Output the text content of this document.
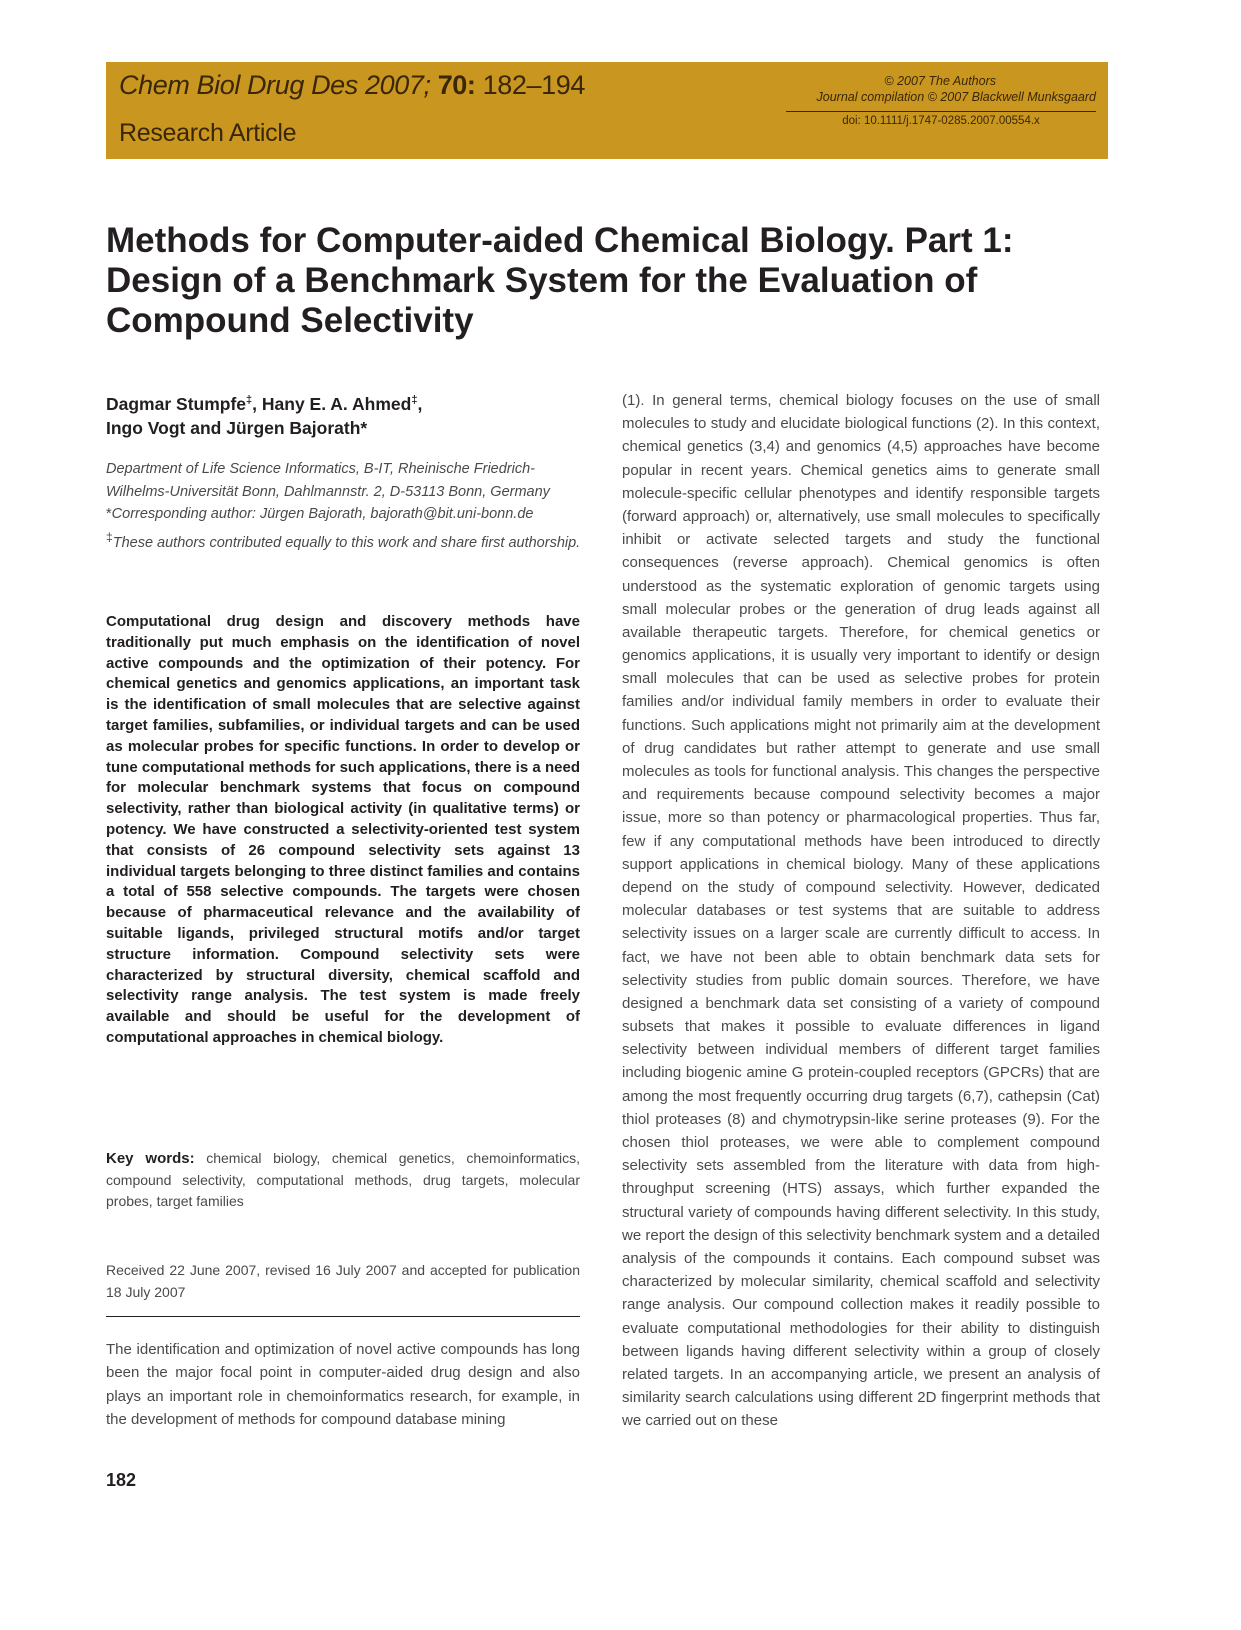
Chem Biol Drug Des 2007; 70: 182–194
Research Article
© 2007 The Authors
Journal compilation © 2007 Blackwell Munksgaard
doi: 10.1111/j.1747-0285.2007.00554.x
Methods for Computer-aided Chemical Biology. Part 1: Design of a Benchmark System for the Evaluation of Compound Selectivity
Dagmar Stumpfe‡, Hany E. A. Ahmed‡,
Ingo Vogt and Jürgen Bajorath*

Department of Life Science Informatics, B-IT, Rheinische Friedrich-Wilhelms-Universität Bonn, Dahlmannstr. 2, D-53113 Bonn, Germany

*Corresponding author: Jürgen Bajorath, bajorath@bit.uni-bonn.de

‡These authors contributed equally to this work and share first authorship.

Computational drug design and discovery methods have traditionally put much emphasis on the identification of novel active compounds and the optimization of their potency. For chemical genetics and genomics applications, an important task is the identification of small molecules that are selective against target families, subfamilies, or individual targets and can be used as molecular probes for specific functions. In order to develop or tune computational methods for such applications, there is a need for molecular benchmark systems that focus on compound selectivity, rather than biological activity (in qualitative terms) or potency. We have constructed a selectivity-oriented test system that consists of 26 compound selectivity sets against 13 individual targets belonging to three distinct families and contains a total of 558 selective compounds. The targets were chosen because of pharmaceutical relevance and the availability of suitable ligands, privileged structural motifs and/or target structure information. Compound selectivity sets were characterized by structural diversity, chemical scaffold and selectivity range analysis. The test system is made freely available and should be useful for the development of computational approaches in chemical biology.

Key words: chemical biology, chemical genetics, chemoinformatics, compound selectivity, computational methods, drug targets, molecular probes, target families
Received 22 June 2007, revised 16 July 2007 and accepted for publication 18 July 2007

The identification and optimization of novel active compounds has long been the major focal point in computer-aided drug design and also plays an important role in chemoinformatics research, for example, in the development of methods for compound database mining

(1). In general terms, chemical biology focuses on the use of small molecules to study and elucidate biological functions (2). In this context, chemical genetics (3,4) and genomics (4,5) approaches have become popular in recent years. Chemical genetics aims to generate small molecule-specific cellular phenotypes and identify responsible targets (forward approach) or, alternatively, use small molecules to specifically inhibit or activate selected targets and study the functional consequences (reverse approach). Chemical genomics is often understood as the systematic exploration of genomic targets using small molecular probes or the generation of drug leads against all available therapeutic targets. Therefore, for chemical genetics or genomics applications, it is usually very important to identify or design small molecules that can be used as selective probes for protein families and/or individual family members in order to evaluate their functions. Such applications might not primarily aim at the development of drug candidates but rather attempt to generate and use small molecules as tools for functional analysis. This changes the perspective and requirements because compound selectivity becomes a major issue, more so than potency or pharmacological properties. Thus far, few if any computational methods have been introduced to directly support applications in chemical biology. Many of these applications depend on the study of compound selectivity. However, dedicated molecular databases or test systems that are suitable to address selectivity issues on a larger scale are currently difficult to access. In fact, we have not been able to obtain benchmark data sets for selectivity studies from public domain sources. Therefore, we have designed a benchmark data set consisting of a variety of compound subsets that makes it possible to evaluate differences in ligand selectivity between individual members of different target families including biogenic amine G protein-coupled receptors (GPCRs) that are among the most frequently occurring drug targets (6,7), cathepsin (Cat) thiol proteases (8) and chymotrypsin-like serine proteases (9). For the chosen thiol proteases, we were able to complement compound selectivity sets assembled from the literature with data from high-throughput screening (HTS) assays, which further expanded the structural variety of compounds having different selectivity. In this study, we report the design of this selectivity benchmark system and a detailed analysis of the compounds it contains. Each compound subset was characterized by molecular similarity, chemical scaffold and selectivity range analysis. Our compound collection makes it readily possible to evaluate computational methodologies for their ability to distinguish between ligands having different selectivity within a group of closely related targets. In an accompanying article, we present an analysis of similarity search calculations using different 2D fingerprint methods that we carried out on these

182
